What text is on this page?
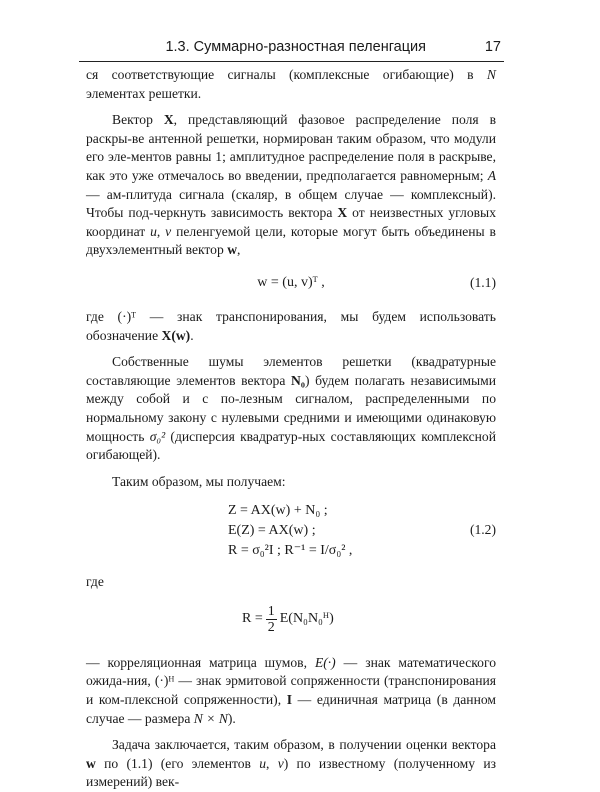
1.3. Суммарно-разностная пеленгация	17

ся соответствующие сигналы (комплексные огибающие) в N элементах решетки.

Вектор X, представляющий фазовое распределение поля в раскры-ве антенной решетки, нормирован таким образом, что модули его эле-ментов равны 1; амплитудное распределение поля в раскрыве, как это уже отмечалось во введении, предполагается равномерным; A — ам-плитуда сигнала (скаляр, в общем случае — комплексный). Чтобы под-черкнуть зависимость вектора X от неизвестных угловых координат u, v пеленгуемой цели, которые могут быть объединены в двухэлементный вектор w,

w = (u, v)ᵀ ,	(1.1)

где (·)ᵀ — знак транспонирования, мы будем использовать обозначение X(w).

Собственные шумы элементов решетки (квадратурные составляющие элементов вектора N₀) будем полагать независимыми между собой и с по-лезным сигналом, распределенными по нормальному закону с нулевыми средними и имеющими одинаковую мощность σ₀² (дисперсия квадратур-ных составляющих комплексной огибающей).

Таким образом, мы получаем:

Z = AX(w) + N₀ ;
E(Z) = AX(w) ;
R = σ₀²I ; R⁻¹ = I/σ₀² ,
(1.2)

где

$R = \frac{1}{2}$ E(N₀N₀ᴴ)

— корреляционная матрица шумов, E(·) — знак математического ожида-ния, (·)ᴴ — знак эрмитовой сопряженности (транспонирования и ком-плексной сопряженности), I — единичная матрица (в данном случае — размера N × N).

Задача заключается, таким образом, в получении оценки вектора w по (1.1) (его элементов u, v) по известному (полученному из измерений) век-
